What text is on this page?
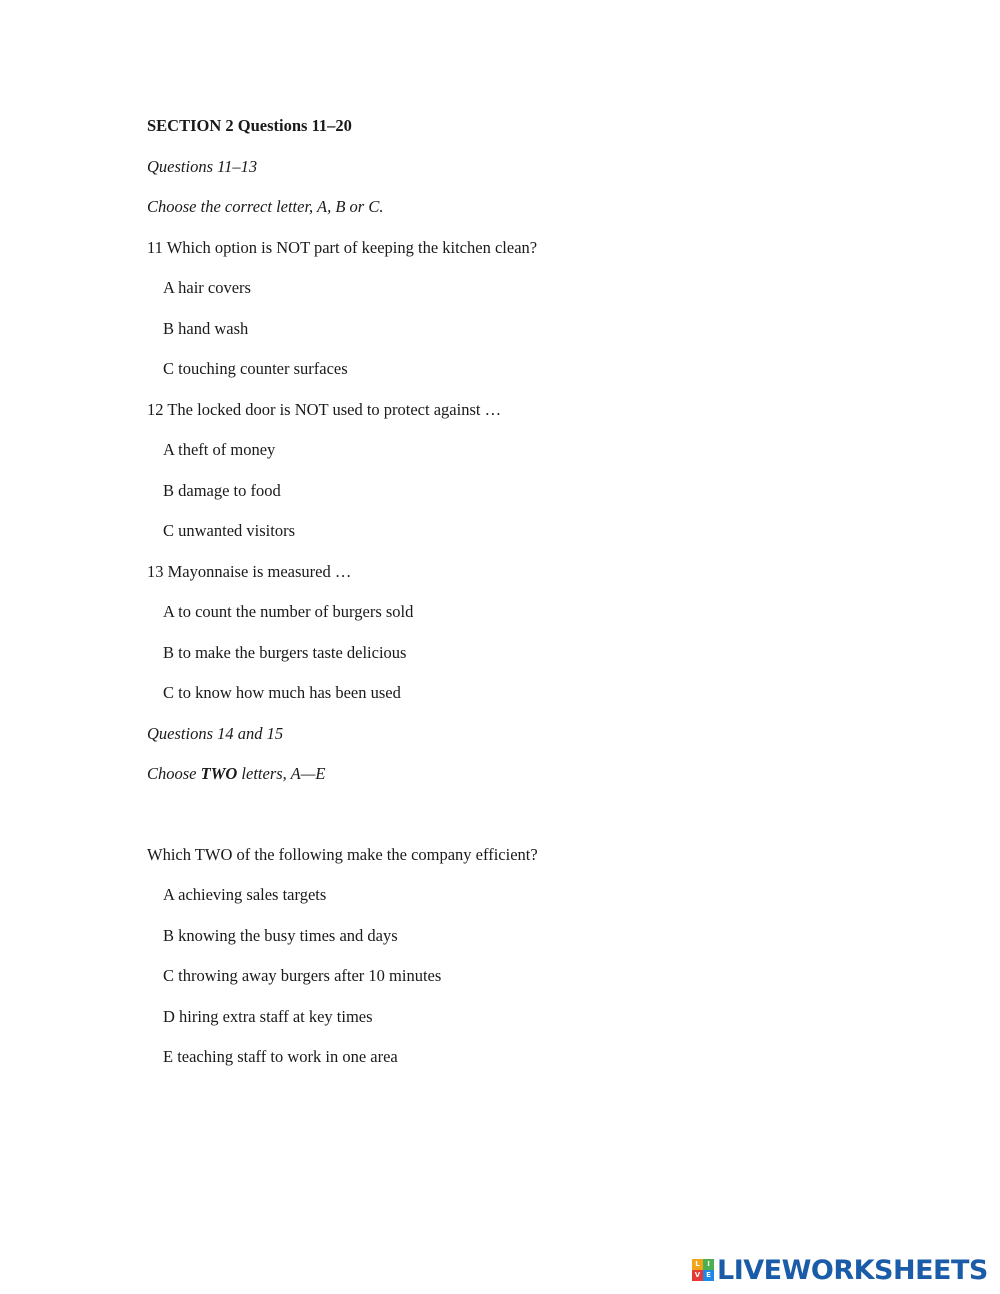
SECTION 2 Questions 11–20
Questions 11–13
Choose the correct letter, A, B or C.
11 Which option is NOT part of keeping the kitchen clean?
A hair covers
B hand wash
C touching counter surfaces
12 The locked door is NOT used to protect against …
A theft of money
B damage to food
C unwanted visitors
13 Mayonnaise is measured …
A to count the number of burgers sold
B to make the burgers taste delicious
C to know how much has been used
Questions 14 and 15
Choose TWO letters, A—E
Which TWO of the following make the company efficient?
A achieving sales targets
B knowing the busy times and days
C throwing away burgers after 10 minutes
D hiring extra staff at key times
E teaching staff to work in one area
L	I
V E LIVEWORKSHEETS
